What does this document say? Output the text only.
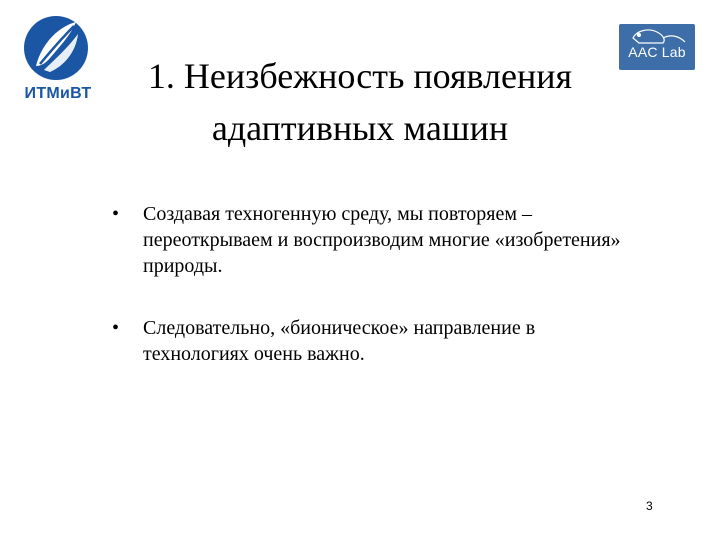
ИТМиВТ
AAC Lab
1. Неизбежность появления
адаптивных машин
• Создавая техногенную среду, мы повторяем – переоткрываем и воспроизводим многие «изобретения» природы.
• Следовательно, «бионическое» направление в технологиях очень важно.
3
